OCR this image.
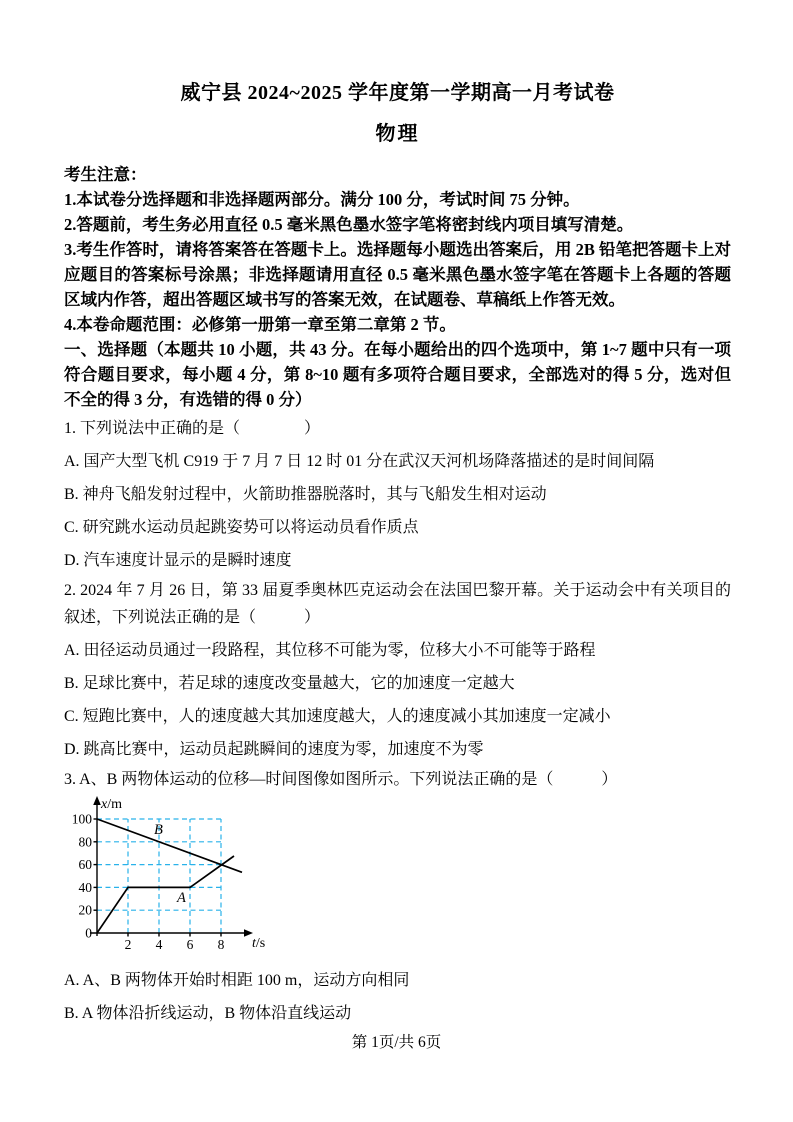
威宁县 2024~2025 学年度第一学期高一月考试卷
物理

考生注意：

1.本试卷分选择题和非选择题两部分。满分 100 分，考试时间 75 分钟。

2.答题前，考生务必用直径 0.5 毫米黑色墨水签字笔将密封线内项目填写清楚。

3.考生作答时，请将答案答在答题卡上。选择题每小题选出答案后，用 2B 铅笔把答题卡上对应题目的答案标号涂黑；非选择题请用直径 0.5 毫米黑色墨水签字笔在答题卡上各题的答题区域内作答，超出答题区域书写的答案无效，在试题卷、草稿纸上作答无效。

4.本卷命题范围：必修第一册第一章至第二章第 2 节。

一、选择题（本题共 10 小题，共 43 分。在每小题给出的四个选项中，第 1~7 题中只有一项符合题目要求，每小题 4 分，第 8~10 题有多项符合题目要求，全部选对的得 5 分，选对但不全的得 3 分，有选错的得 0 分）

1. 下列说法中正确的是（　　　　）

A. 国产大型飞机 C919 于 7 月 7 日 12 时 01 分在武汉天河机场降落描述的是时间间隔

B. 神舟飞船发射过程中，火箭助推器脱落时，其与飞船发生相对运动

C. 研究跳水运动员起跳姿势可以将运动员看作质点

D. 汽车速度计显示的是瞬时速度

2. 2024 年 7 月 26 日，第 33 届夏季奥林匹克运动会在法国巴黎开幕。关于运动会中有关项目的叙述，下列说法正确的是（　　　）

A. 田径运动员通过一段路程，其位移不可能为零，位移大小不可能等于路程

B. 足球比赛中，若足球的速度改变量越大，它的加速度一定越大

C. 短跑比赛中，人的速度越大其加速度越大，人的速度减小其加速度一定减小

D. 跳高比赛中，运动员起跳瞬间的速度为零，加速度不为零

3. A、B 两物体运动的位移—时间图像如图所示。下列说法正确的是（　　　）

B
A
100
80
60
40
20
0
2 4 6 8
x/m
t/s

A. A、B 两物体开始时相距 100 m，运动方向相同

B. A 物体沿折线运动，B 物体沿直线运动

第 1页/共 6页
